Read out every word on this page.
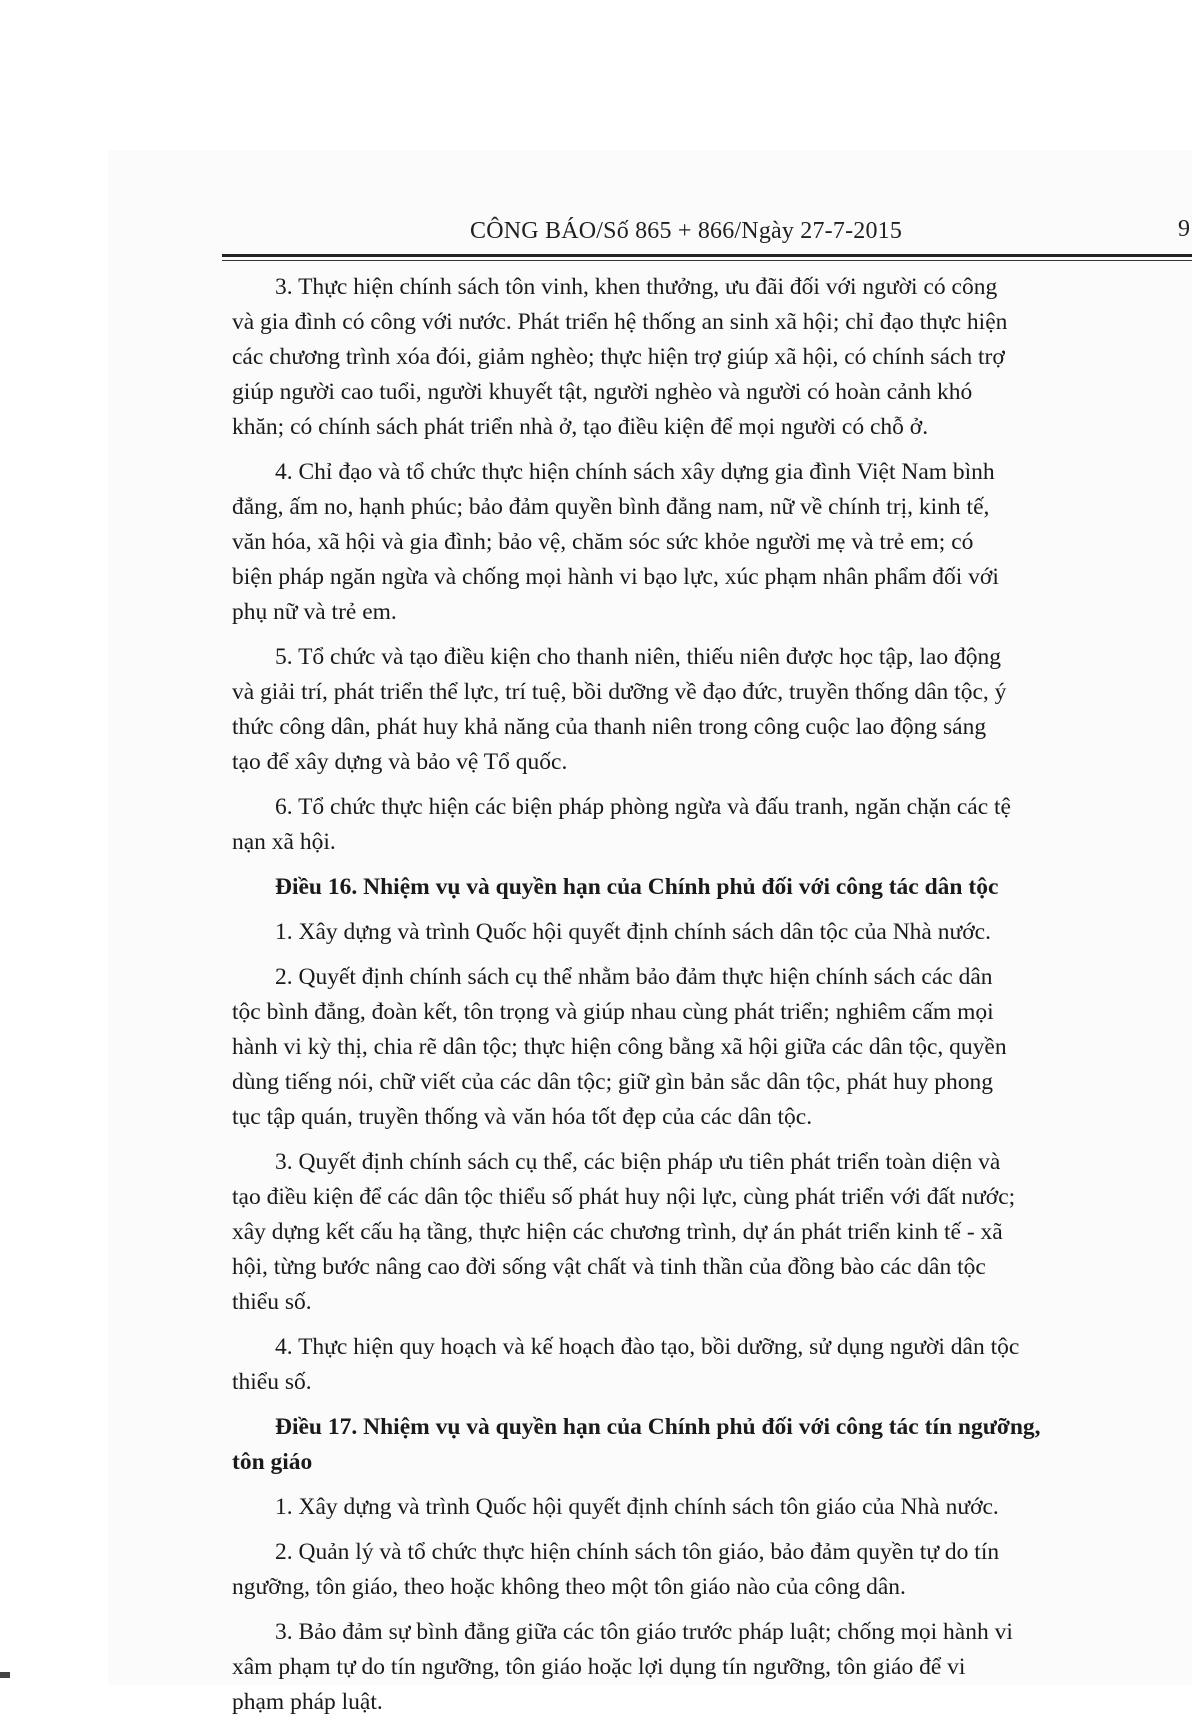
CÔNG BÁO/Số 865 + 866/Ngày 27-7-2015	9
3. Thực hiện chính sách tôn vinh, khen thưởng, ưu đãi đối với người có công
và gia đình có công với nước. Phát triển hệ thống an sinh xã hội; chỉ đạo thực hiện
các chương trình xóa đói, giảm nghèo; thực hiện trợ giúp xã hội, có chính sách trợ
giúp người cao tuổi, người khuyết tật, người nghèo và người có hoàn cảnh khó
khăn; có chính sách phát triển nhà ở, tạo điều kiện để mọi người có chỗ ở.
4. Chỉ đạo và tổ chức thực hiện chính sách xây dựng gia đình Việt Nam bình
đẳng, ấm no, hạnh phúc; bảo đảm quyền bình đẳng nam, nữ về chính trị, kinh tế,
văn hóa, xã hội và gia đình; bảo vệ, chăm sóc sức khỏe người mẹ và trẻ em; có
biện pháp ngăn ngừa và chống mọi hành vi bạo lực, xúc phạm nhân phẩm đối với
phụ nữ và trẻ em.
5. Tổ chức và tạo điều kiện cho thanh niên, thiếu niên được học tập, lao động
và giải trí, phát triển thể lực, trí tuệ, bồi dưỡng về đạo đức, truyền thống dân tộc, ý
thức công dân, phát huy khả năng của thanh niên trong công cuộc lao động sáng
tạo để xây dựng và bảo vệ Tổ quốc.
6. Tổ chức thực hiện các biện pháp phòng ngừa và đấu tranh, ngăn chặn các tệ
nạn xã hội.
Điều 16. Nhiệm vụ và quyền hạn của Chính phủ đối với công tác dân tộc
1. Xây dựng và trình Quốc hội quyết định chính sách dân tộc của Nhà nước.
2. Quyết định chính sách cụ thể nhằm bảo đảm thực hiện chính sách các dân
tộc bình đẳng, đoàn kết, tôn trọng và giúp nhau cùng phát triển; nghiêm cấm mọi
hành vi kỳ thị, chia rẽ dân tộc; thực hiện công bằng xã hội giữa các dân tộc, quyền
dùng tiếng nói, chữ viết của các dân tộc; giữ gìn bản sắc dân tộc, phát huy phong
tục tập quán, truyền thống và văn hóa tốt đẹp của các dân tộc.
3. Quyết định chính sách cụ thể, các biện pháp ưu tiên phát triển toàn diện và
tạo điều kiện để các dân tộc thiểu số phát huy nội lực, cùng phát triển với đất nước;
xây dựng kết cấu hạ tầng, thực hiện các chương trình, dự án phát triển kinh tế - xã
hội, từng bước nâng cao đời sống vật chất và tinh thần của đồng bào các dân tộc
thiểu số.
4. Thực hiện quy hoạch và kế hoạch đào tạo, bồi dưỡng, sử dụng người dân tộc
thiểu số.
Điều 17. Nhiệm vụ và quyền hạn của Chính phủ đối với công tác tín ngưỡng,
tôn giáo
1. Xây dựng và trình Quốc hội quyết định chính sách tôn giáo của Nhà nước.
2. Quản lý và tổ chức thực hiện chính sách tôn giáo, bảo đảm quyền tự do tín
ngưỡng, tôn giáo, theo hoặc không theo một tôn giáo nào của công dân.
3. Bảo đảm sự bình đẳng giữa các tôn giáo trước pháp luật; chống mọi hành vi
xâm phạm tự do tín ngưỡng, tôn giáo hoặc lợi dụng tín ngưỡng, tôn giáo để vi
phạm pháp luật.
